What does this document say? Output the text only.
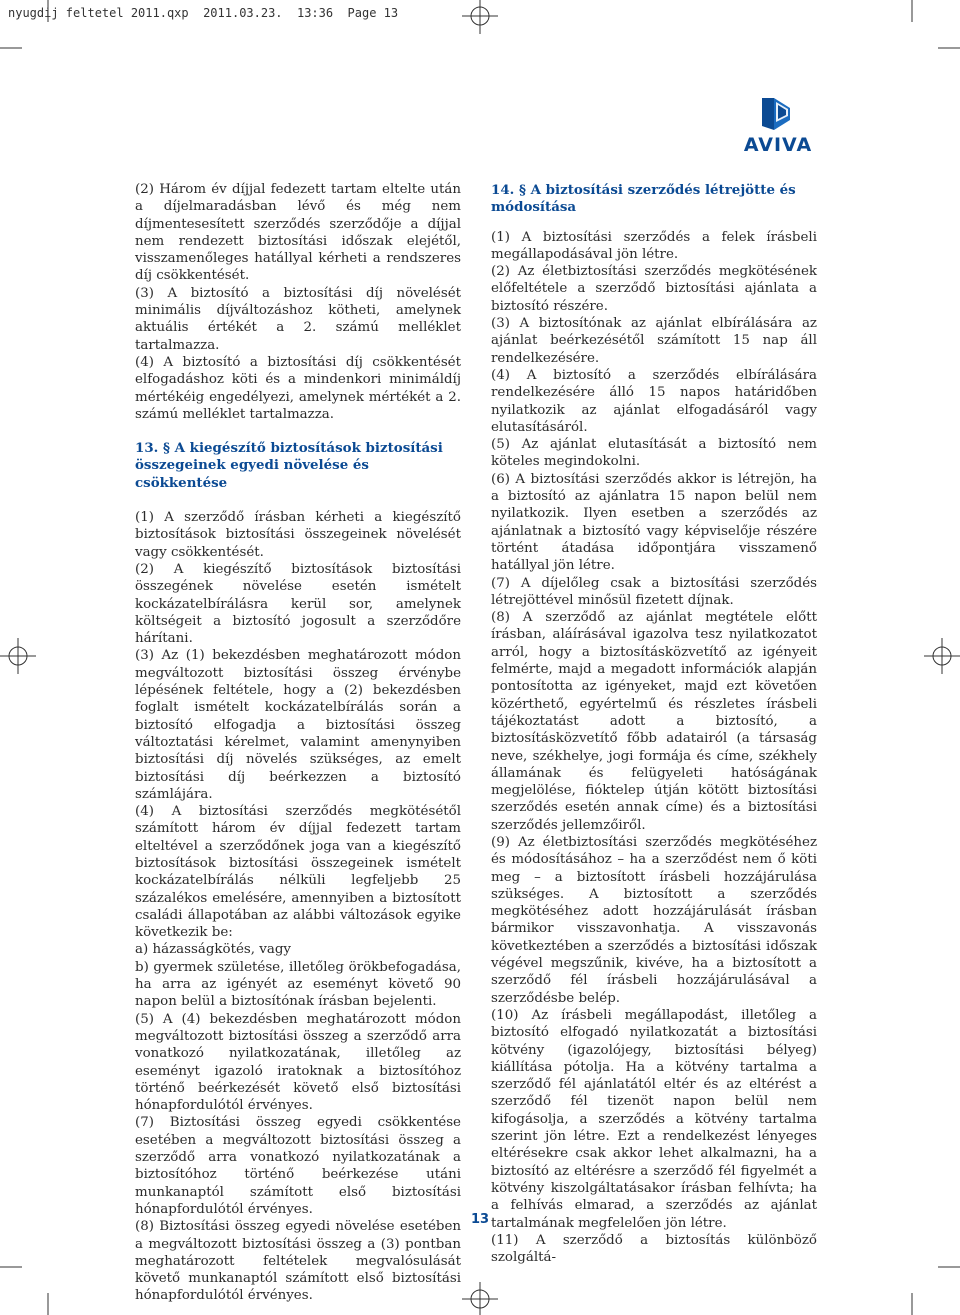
nyugdij feltetel 2011.qxp  2011.03.23.  13:36  Page 13
AVIVA

(2) Három év díjjal fedezett tartam eltelte után a díjelmaradásban lévő és még nem díjmentesesített szerződés szerződője a díjjal nem rendezett biztosítási időszak elejétől, visszamenőleges hatállyal kérheti a rendszeres díj csökkentését.

(3) A biztosító a biztosítási díj növelését minimális díjváltozáshoz kötheti, amelynek aktuális értékét a 2. számú melléklet tartalmazza.

(4) A biztosító a biztosítási díj csökkentését elfogadáshoz köti és a mindenkori minimáldíj mértékéig engedélyezi, amelynek mértékét a 2. számú melléklet tartalmazza.

13. § A kiegészítő biztosítások biztosítási összegeinek egyedi növelése és csökkentése

(1) A szerződő írásban kérheti a kiegészítő biztosítások biztosítási összegeinek növelését vagy csökkentését.

(2) A kiegészítő biztosítások biztosítási összegének növelése esetén ismételt kockázatelbírálásra kerül sor, amelynek költségeit a biztosító jogosult a szerződőre hárítani.

(3) Az (1) bekezdésben meghatározott módon megváltozott biztosítási összeg érvénybe lépésének feltétele, hogy a (2) bekezdésben foglalt ismételt kockázatelbírálás során a biztosító elfogadja a biztosítási összeg változtatási kérelmet, valamint amenynyiben biztosítási díj növelés szükséges, az emelt biztosítási díj beérkezzen a biztosító számlájára.

(4) A biztosítási szerződés megkötésétől számított három év díjjal fedezett tartam elteltével a szerződőnek joga van a kiegészítő biztosítások biztosítási összegeinek ismételt kockázatelbírálás nélküli legfeljebb 25 százalékos emelésére, amennyiben a biztosított családi állapotában az alábbi változások egyike következik be:

a) házasságkötés, vagy

b) gyermek születése, illetőleg örökbefogadása, ha arra az igényét az eseményt követő 90 napon belül a biztosítónak írásban bejelenti.

(5) A (4) bekezdésben meghatározott módon megváltozott biztosítási összeg a szerződő arra vonatkozó nyilatkozatának, illetőleg az eseményt igazoló iratoknak a biztosítóhoz történő beérkezését követő első biztosítási hónapfordulótól érvényes.

(7) Biztosítási összeg egyedi csökkentése esetében a megváltozott biztosítási összeg a szerződő arra vonatkozó nyilatkozatának a biztosítóhoz történő beérkezése utáni munkanaptól számított első biztosítási hónapfordulótól érvényes.

(8) Biztosítási összeg egyedi növelése esetében a megváltozott biztosítási összeg a (3) pontban meghatározott feltételek megvalósulását követő munkanaptól számított első biztosítási hónapfordulótól érvényes.

14. § A biztosítási szerződés létrejötte és módosítása

(1) A biztosítási szerződés a felek írásbeli megállapodásával jön létre.

(2) Az életbiztosítási szerződés megkötésének előfeltétele a szerződő biztosítási ajánlata a biztosító részére.

(3) A biztosítónak az ajánlat elbírálására az ajánlat beérkezésétől számított 15 nap áll rendelkezésére.

(4) A biztosító a szerződés elbírálására rendelkezésére álló 15 napos határidőben nyilatkozik az ajánlat elfogadásáról vagy elutasításáról.

(5) Az ajánlat elutasítását a biztosító nem köteles megindokolni.

(6) A biztosítási szerződés akkor is létrejön, ha a biztosító az ajánlatra 15 napon belül nem nyilatkozik. Ilyen esetben a szerződés az ajánlatnak a biztosító vagy képviselője részére történt átadása időpontjára visszamenő hatállyal jön létre.

(7) A díjelőleg csak a biztosítási szerződés létrejöttével minősül fizetett díjnak.

(8) A szerződő az ajánlat megtétele előtt írásban, aláírásával igazolva tesz nyilatkozatot arról, hogy a biztosításközvetítő az igényeit felmérte, majd a megadott információk alapján pontosította az igényeket, majd ezt követően közérthető, egyértelmű és részletes írásbeli tájékoztatást adott a biztosító, a biztosításközvetítő főbb adatairól (a társaság neve, székhelye, jogi formája és címe, székhely államának és felügyeleti hatóságának megjelölése, fióktelep útján kötött biztosítási szerződés esetén annak címe) és a biztosítási szerződés jellemzőiről.

(9) Az életbiztosítási szerződés megkötéséhez és módosításához – ha a szerződést nem ő köti meg – a biztosított írásbeli hozzájárulása szükséges. A biztosított a szerződés megkötéséhez adott hozzájárulását írásban bármikor visszavonhatja. A visszavonás következtében a szerződés a biztosítási időszak végével megszűnik, kivéve, ha a biztosított a szerződő fél írásbeli hozzájárulásával a szerződésbe belép.

(10) Az írásbeli megállapodást, illetőleg a biztosító elfogadó nyilatkozatát a biztosítási kötvény (igazolójegy, biztosítási bélyeg) kiállítása pótolja. Ha a kötvény tartalma a szerződő fél ajánlatától eltér és az eltérést a szerződő fél tizenöt napon belül nem kifogásolja, a szerződés a kötvény tartalma szerint jön létre. Ezt a rendelkezést lényeges eltérésekre csak akkor lehet alkalmazni, ha a biztosító az eltérésre a szerződő fél figyelmét a kötvény kiszolgáltatásakor írásban felhívta; ha a felhívás elmarad, a szerződés az ajánlat tartalmának megfelelően jön létre.

(11) A szerződő a biztosítás különböző szolgáltá-

13
